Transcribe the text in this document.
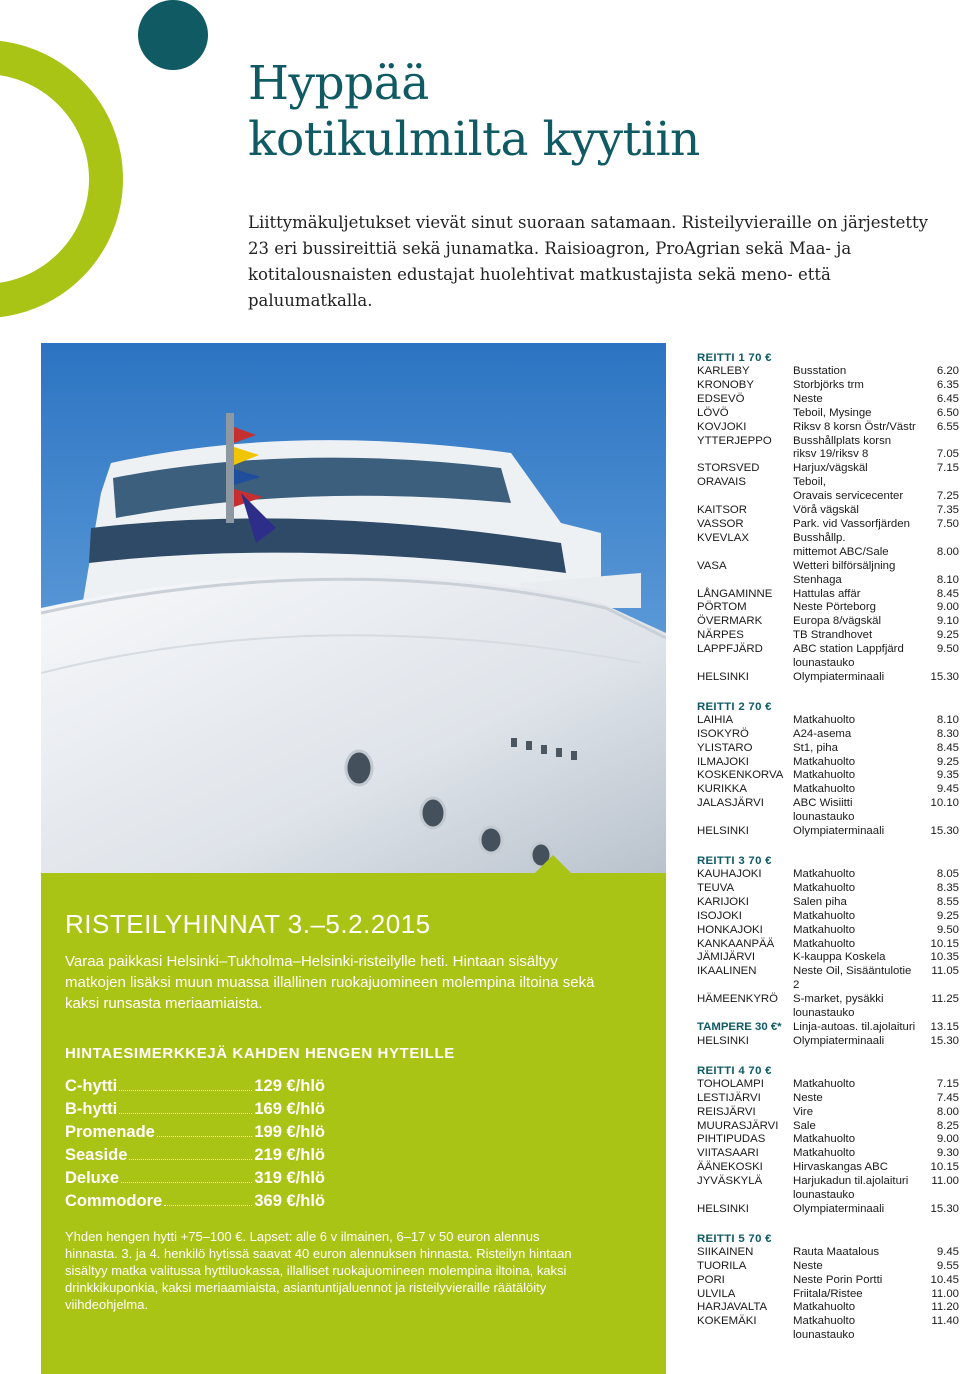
Hyppää
kotikulmilta kyytiin

Liittymäkuljetukset vievät sinut suoraan satamaan. Risteilyvieraille on järjestetty 23 eri bussireittiä sekä junamatka. Raisioagron, ProAgrian sekä Maa- ja kotitalousnaisten edustajat huolehtivat matkustajista sekä meno- että paluumatkalla.

RISTEILYHINNAT 3.–5.2.2015

Varaa paikkasi Helsinki–Tukholma–Helsinki-risteilylle heti. Hintaan sisältyy matkojen lisäksi muun muassa illallinen ruokajuomineen molempina iltoina sekä kaksi runsasta meriaamiaista.

HINTAESIMERKKEJÄ KAHDEN HENGEN HYTEILLE
C-hytti	129 €/hlö
B-hytti	169 €/hlö
Promenade	199 €/hlö
Seaside	219 €/hlö
Deluxe	319 €/hlö
Commodore	369 €/hlö

Yhden hengen hytti +75–100 €. Lapset: alle 6 v ilmainen, 6–17 v 50 euron alennus hinnasta. 3. ja 4. henkilö hytissä saavat 40 euron alennuksen hinnasta. Risteilyn hintaan sisältyy matka valitussa hyttiluokassa, illalliset ruokajuomineen molempina iltoina, kaksi drinkkikuponkia, kaksi meriaamiaista, asiantuntijaluennot ja risteilyvieraille räätälöity viihdeohjelma.

REITTI 1 70 €
KARLEBY	Busstation	6.20
KRONOBY	Storbjörks trm	6.35
EDSEVÖ	Neste	6.45
LÖVÖ	Teboil, Mysinge	6.50
KOVJOKI	Riksv 8 korsn Östr/Västr	6.55
YTTERJEPPO	Busshållplats korsn
riksv 19/riksv 8	7.05
STORSVED	Harjux/vägskäl	7.15
ORAVAIS	Teboil,
Oravais servicecenter	7.25
KAITSOR	Vörå vägskäl	7.35
VASSOR	Park. vid Vassorfjärden	7.50
KVEVLAX	Busshållp.
mittemot ABC/Sale	8.00
VASA	Wetteri bilförsäljning
Stenhaga	8.10
LÅNGAMINNE	Hattulas affär	8.45
PÖRTOM	Neste Pörteborg	9.00
ÖVERMARK	Europa 8/vägskäl	9.10
NÄRPES	TB Strandhovet	9.25
LAPPFJÄRD	ABC station Lappfjärd	9.50
lounastauko
HELSINKI	Olympiaterminaali	15.30
REITTI 2 70 €
LAIHIA	Matkahuolto	8.10
ISOKYRÖ	A24-asema	8.30
YLISTARO	St1, piha	8.45
ILMAJOKI	Matkahuolto	9.25
KOSKENKORVA Matkahuolto	9.35
KURIKKA	Matkahuolto	9.45
JALASJÄRVI	ABC Wisiitti	10.10
lounastauko
HELSINKI	Olympiaterminaali	15.30
REITTI 3 70 €
KAUHAJOKI	Matkahuolto	8.05
TEUVA	Matkahuolto	8.35
KARIJOKI	Salen piha	8.55
ISOJOKI	Matkahuolto	9.25
HONKAJOKI	Matkahuolto	9.50
KANKAANPÄÄ	Matkahuolto	10.15
JÄMIJÄRVI	K-kauppa Koskela	10.35
IKAALINEN	Neste Oil, Sisääntulotie 2
11.05
HÄMEENKYRÖ	S-market, pysäkki	11.25
lounastauko
TAMPERE 30 €* Linja-autoas. til.ajolaituri	13.15
HELSINKI	Olympiaterminaali	15.30
REITTI 4 70 €
TOHOLAMPI	Matkahuolto	7.15
LESTIJÄRVI	Neste	7.45
REISJÄRVI	Vire	8.00
MUURASJÄRVI	Sale	8.25
PIHTIPUDAS	Matkahuolto	9.00
VIITASAARI	Matkahuolto	9.30
ÄÄNEKOSKI	Hirvaskangas ABC	10.15
JYVÄSKYLÄ	Harjukadun til.ajolaituri	11.00
lounastauko
HELSINKI	Olympiaterminaali	15.30
REITTI 5 70 €
SIIKAINEN	Rauta Maatalous	9.45
TUORILA	Neste	9.55
PORI	Neste Porin Portti	10.45
ULVILA	Friitala/Ristee	11.00
HARJAVALTA	Matkahuolto	11.20
KOKEMÄKI	Matkahuolto	11.40
lounastauko
